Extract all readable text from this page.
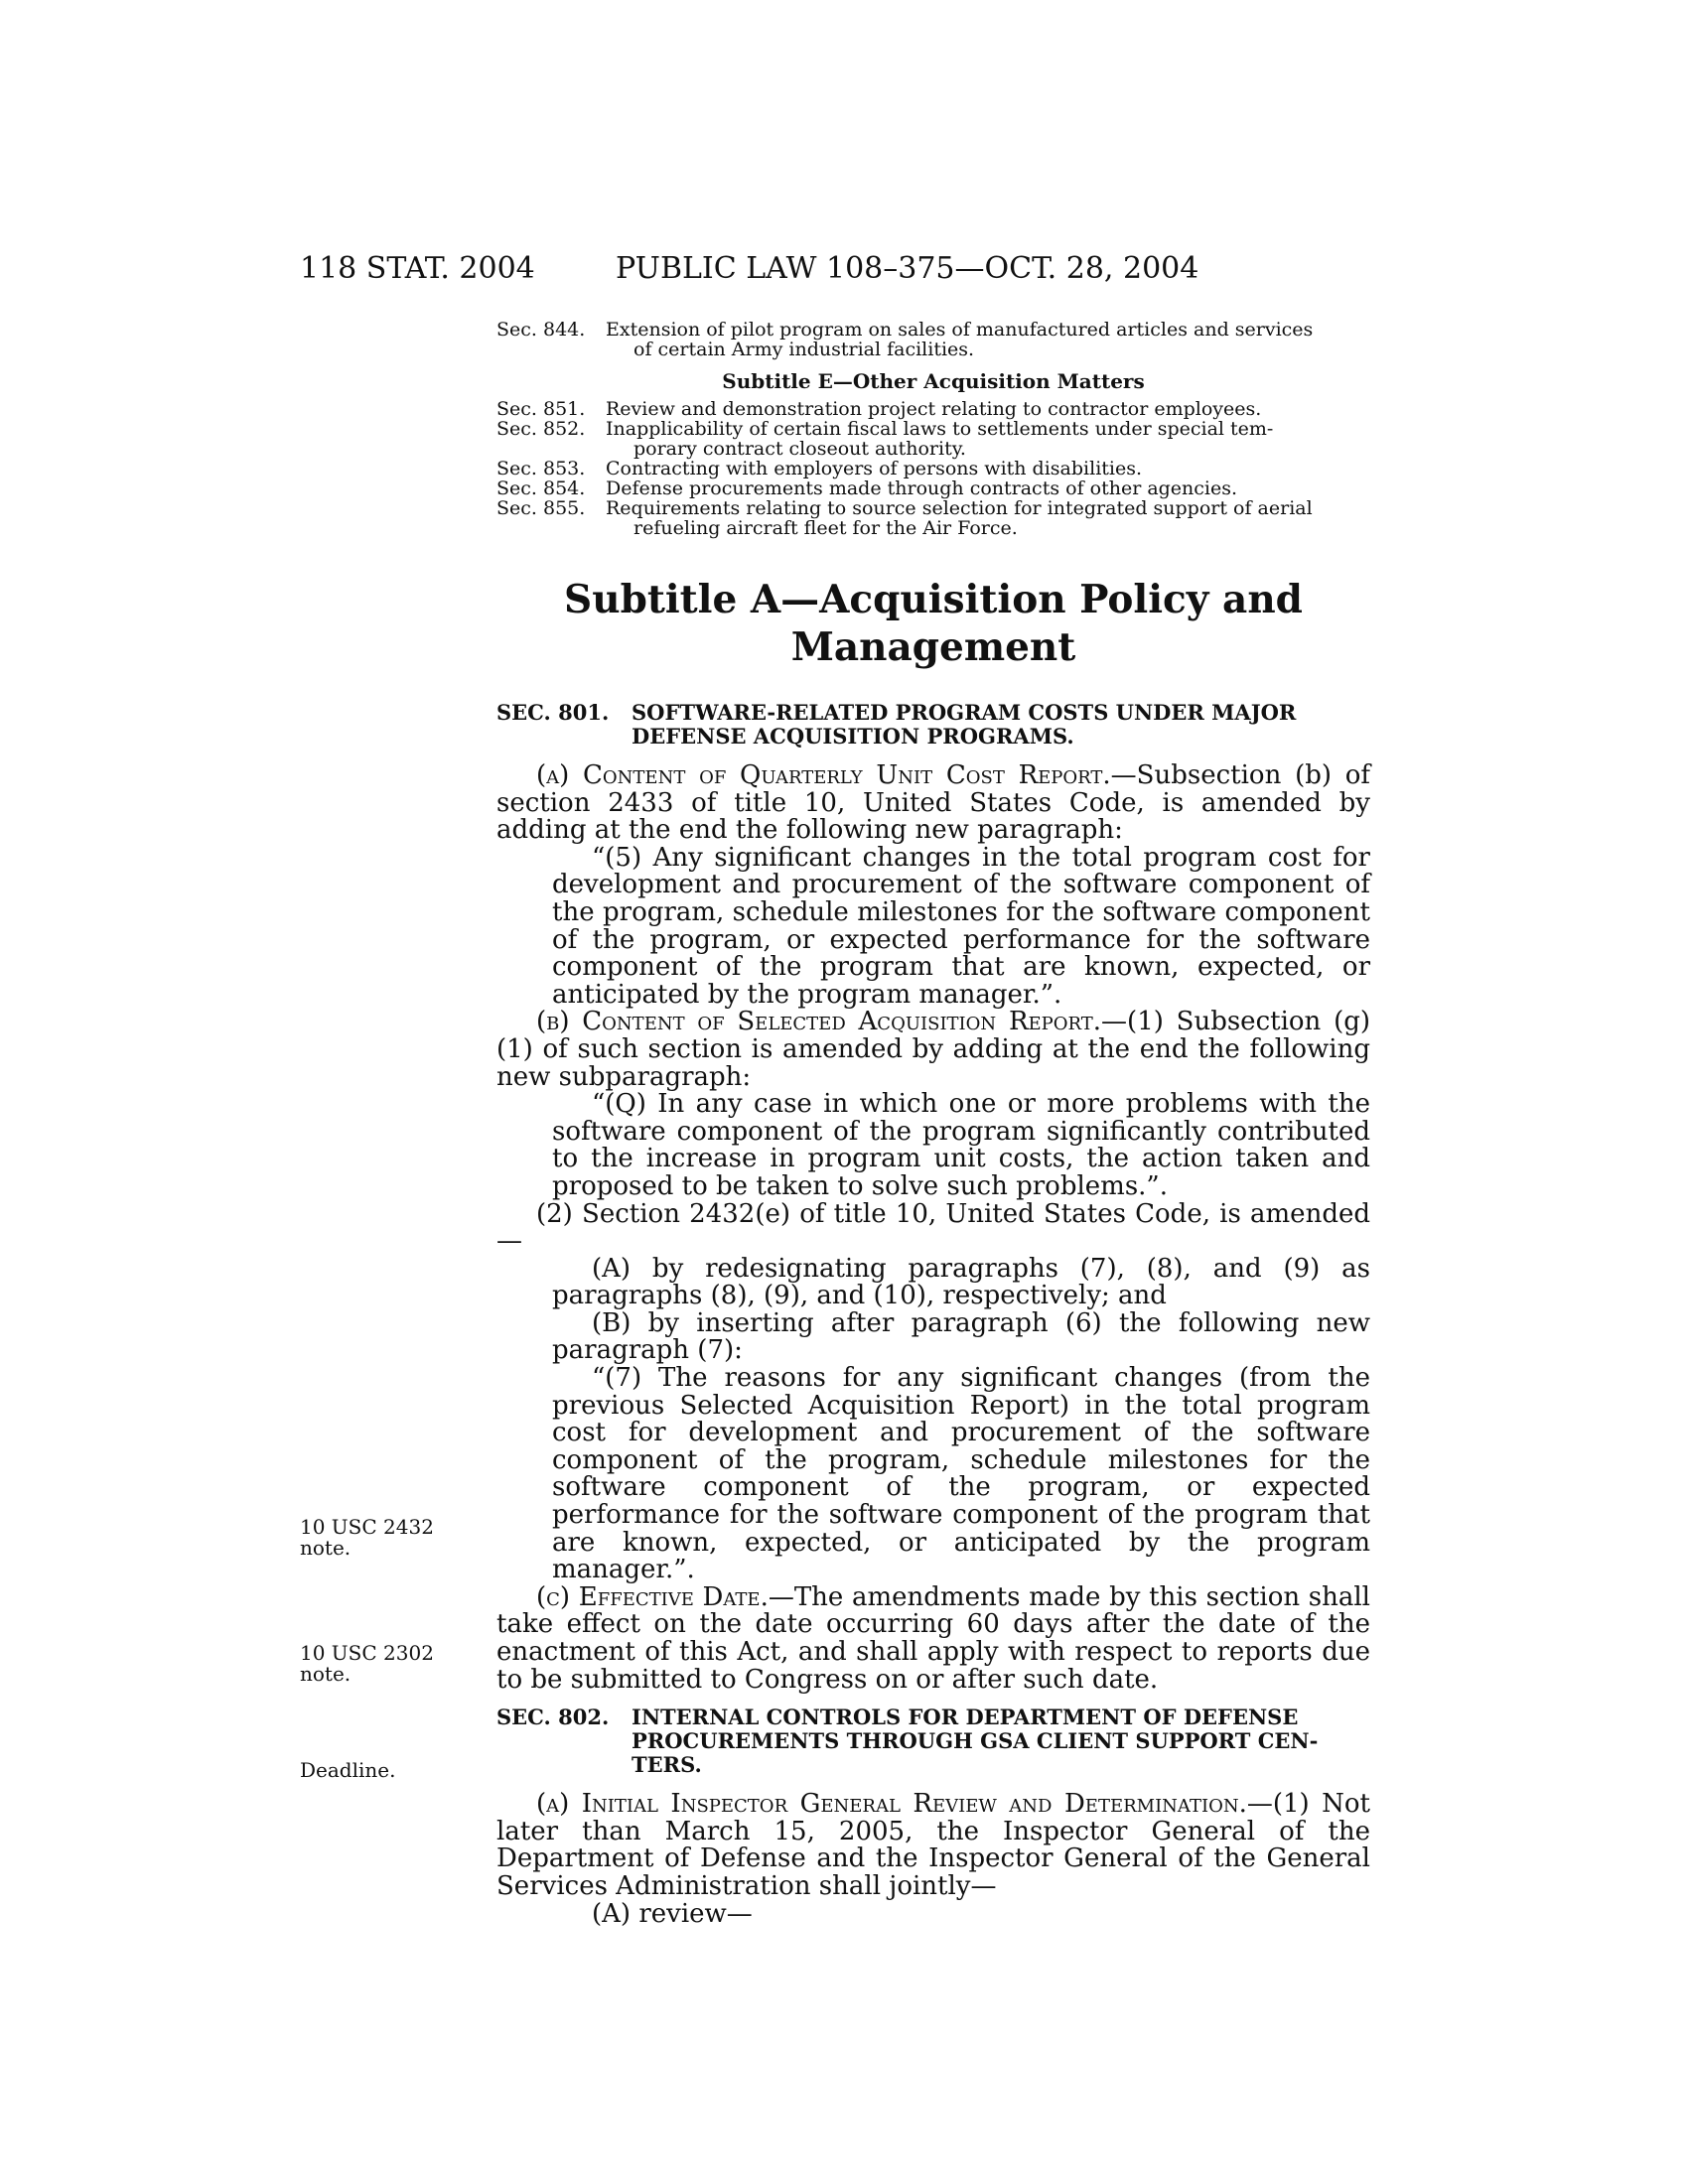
118 STAT. 2004	PUBLIC LAW 108–375—OCT. 28, 2004
Sec. 844.	Extension of pilot program on sales of manufactured articles and services
of certain Army industrial facilities.
Subtitle E—Other Acquisition Matters
Sec. 851.	Review and demonstration project relating to contractor employees.
Sec. 852.	Inapplicability of certain fiscal laws to settlements under special tem-
porary contract closeout authority.
Sec. 853.	Contracting with employers of persons with disabilities.
Sec. 854.	Defense procurements made through contracts of other agencies.
Sec. 855.	Requirements relating to source selection for integrated support of aerial
refueling aircraft fleet for the Air Force.
Subtitle A—Acquisition Policy and
Management
SEC. 801.	SOFTWARE-RELATED PROGRAM COSTS UNDER MAJOR
DEFENSE ACQUISITION PROGRAMS.

(a) Content of Quarterly Unit Cost Report.—Subsection (b) of section 2433 of title 10, United States Code, is amended by adding at the end the following new paragraph:

“(5) Any significant changes in the total program cost for development and procurement of the software component of the program, schedule milestones for the software component of the program, or expected performance for the software component of the program that are known, expected, or anticipated by the program manager.”.

(b) Content of Selected Acquisition Report.—(1) Subsection (g)(1) of such section is amended by adding at the end the following new subparagraph:

“(Q) In any case in which one or more problems with the software component of the program significantly contributed to the increase in program unit costs, the action taken and proposed to be taken to solve such problems.”.

(2) Section 2432(e) of title 10, United States Code, is amended—

(A) by redesignating paragraphs (7), (8), and (9) as paragraphs (8), (9), and (10), respectively; and

(B) by inserting after paragraph (6) the following new paragraph (7):

“(7) The reasons for any significant changes (from the previous Selected Acquisition Report) in the total program cost for development and procurement of the software component of the program, schedule milestones for the software component of the program, or expected performance for the software component of the program that are known, expected, or anticipated by the program manager.”.

(c) Effective Date.—The amendments made by this section shall take effect on the date occurring 60 days after the date of the enactment of this Act, and shall apply with respect to reports due to be submitted to Congress on or after such date.

SEC. 802.	INTERNAL CONTROLS FOR DEPARTMENT OF DEFENSE
PROCUREMENTS THROUGH GSA CLIENT SUPPORT CEN-
TERS.

(a) Initial Inspector General Review and Determination.—(1) Not later than March 15, 2005, the Inspector General of the Department of Defense and the Inspector General of the General Services Administration shall jointly—

(A) review—

10 USC 2432
note.
10 USC 2302
note.
Deadline.
